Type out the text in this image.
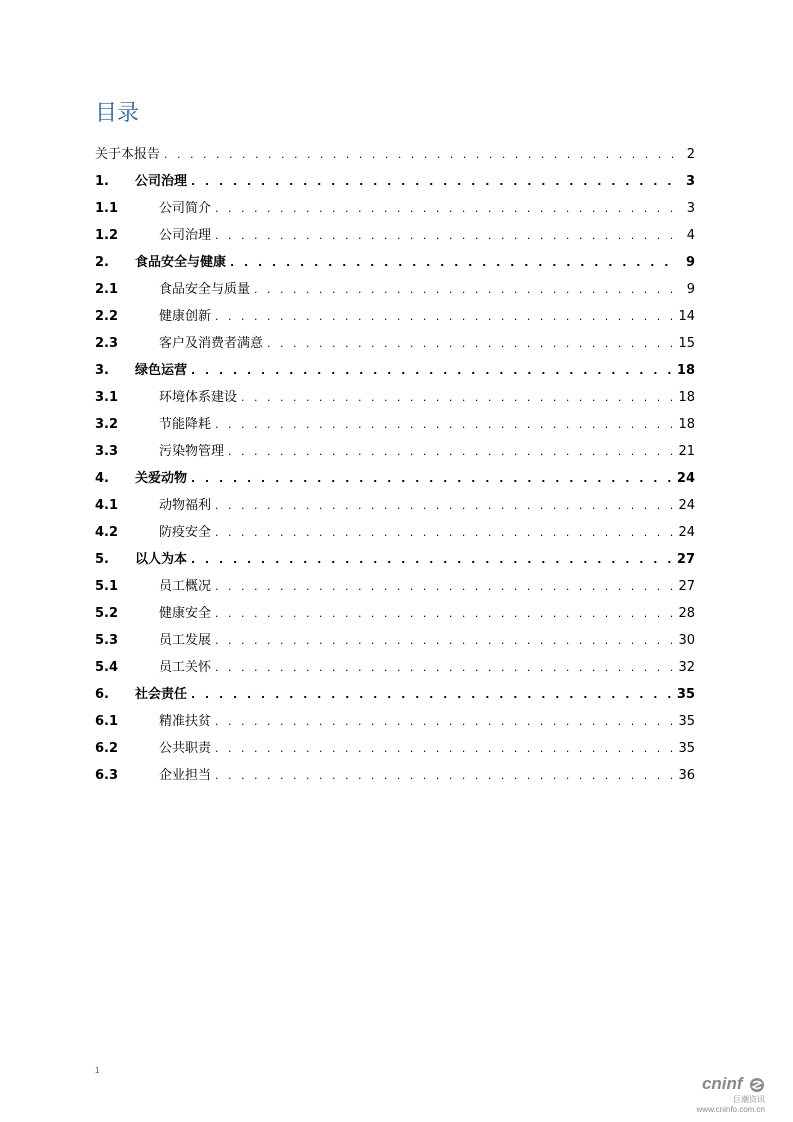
目录
关于本报告 . . .	2
1.	公司治理 . . .	3
1.1	公司简介 . . .	3
1.2	公司治理 . . .	4
2.	食品安全与健康 . . .	9
2.1	食品安全与质量 . . .	9
2.2	健康创新 . . .	14
2.3	客户及消费者满意 . . .	15
3.	绿色运营 . . .	18
3.1	环境体系建设 . . .	18
3.2	节能降耗 . . .	18
3.3	污染物管理 . . .	21
4.	关爱动物 . . .	24
4.1	动物福利 . . .	24
4.2	防疫安全 . . .	24
5.	以人为本 . . .	27
5.1	员工概况 . . .	27
5.2	健康安全 . . .	28
5.3	员工发展 . . .	30
5.4	员工关怀 . . .	32
6.	社会责任 . . .	35
6.1	精准扶贫 . . .	35
6.2	公共职责 . . .	35
6.3	企业担当 . . .	36
1
cninf
巨潮资讯
www.cninfo.com.cn
